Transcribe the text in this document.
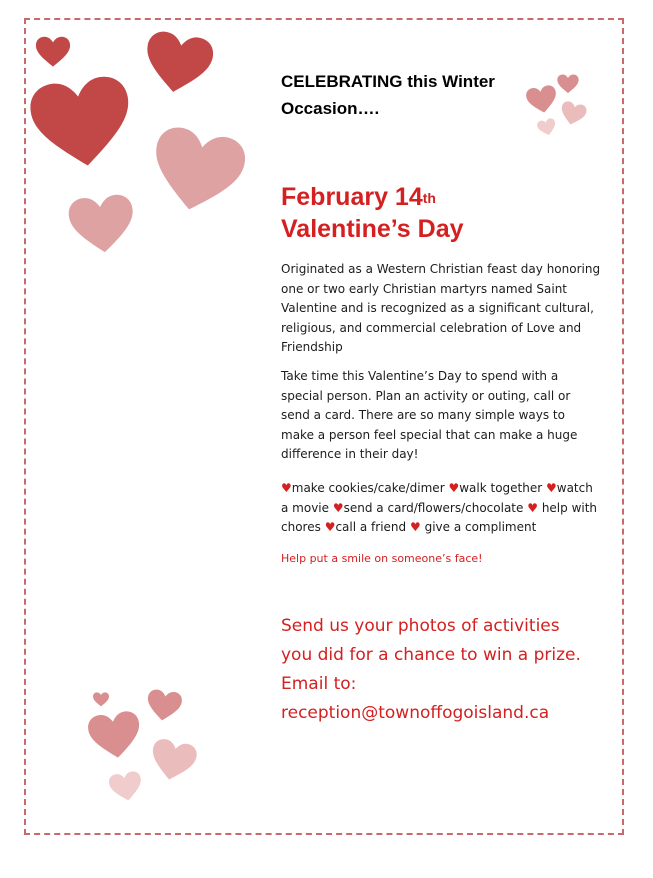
CELEBRATING this Winter
Occasion….
February 14th
Valentine’s Day

Originated as a Western Christian feast day honoring one or two early Christian martyrs named Saint Valentine and is recognized as a significant cultural, religious, and commercial celebration of Love and Friendship

Take time this Valentine’s Day to spend with a special person. Plan an activity or outing, call or send a card. There are so many simple ways to make a person feel special that can make a huge difference in their day!

♥make cookies/cake/dimer ♥walk together ♥watch a movie ♥send a card/flowers/chocolate ♥ help with chores ♥call a friend ♥ give a compliment

Help put a smile on someone’s face!
Send us your photos of activities
you did for a chance to win a prize.
Email to:
reception@townoffogoisland.ca
